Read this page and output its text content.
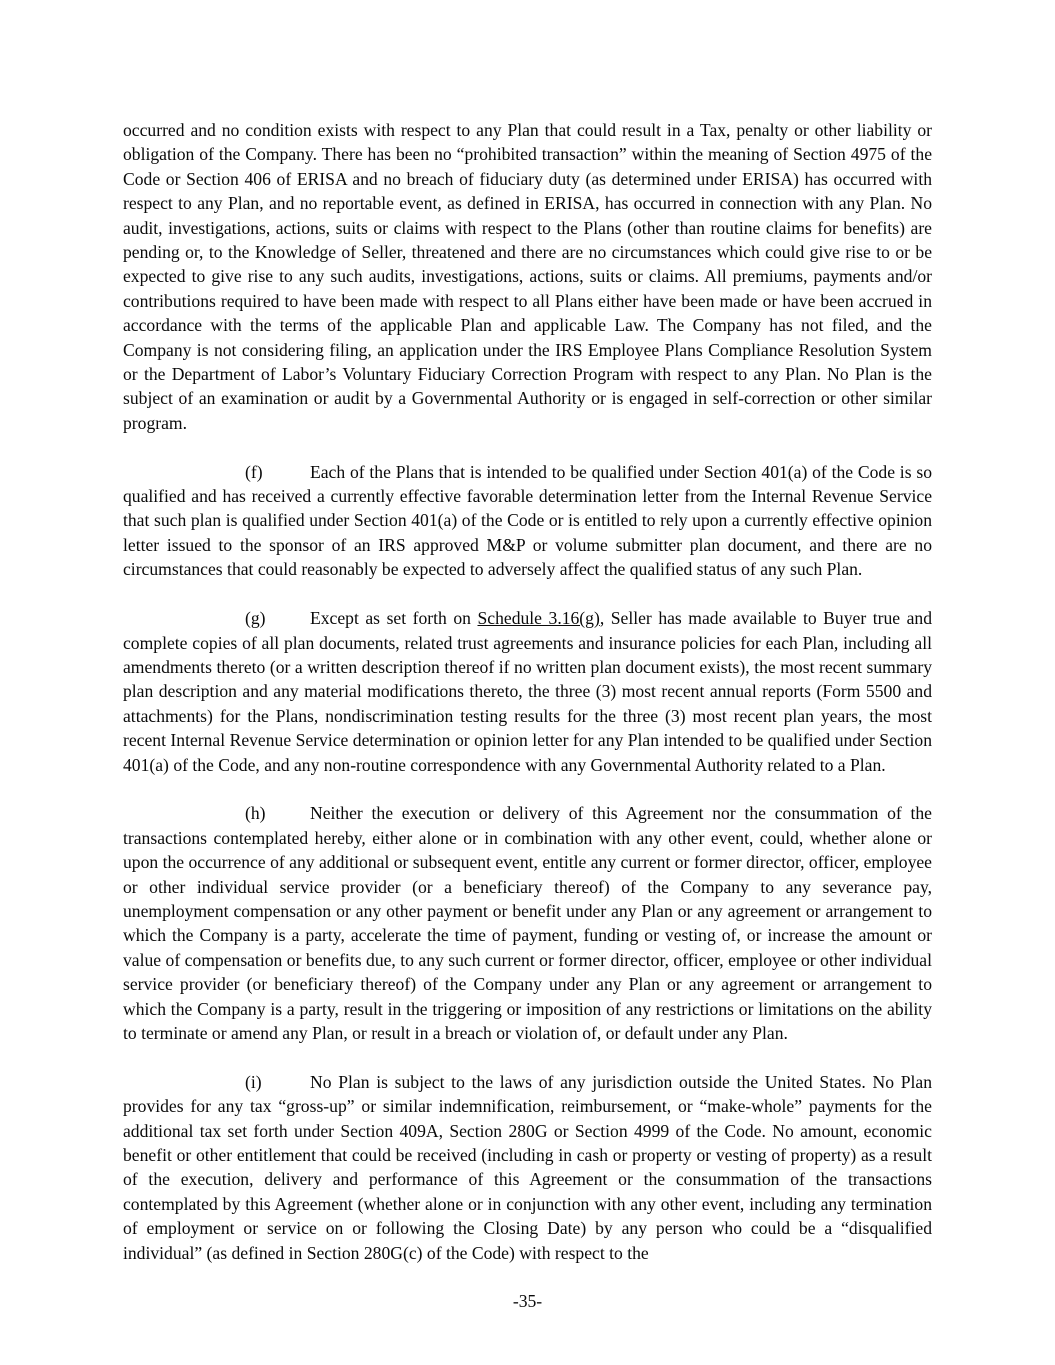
occurred and no condition exists with respect to any Plan that could result in a Tax, penalty or other liability or obligation of the Company. There has been no “prohibited transaction” within the meaning of Section 4975 of the Code or Section 406 of ERISA and no breach of fiduciary duty (as determined under ERISA) has occurred with respect to any Plan, and no reportable event, as defined in ERISA, has occurred in connection with any Plan. No audit, investigations, actions, suits or claims with respect to the Plans (other than routine claims for benefits) are pending or, to the Knowledge of Seller, threatened and there are no circumstances which could give rise to or be expected to give rise to any such audits, investigations, actions, suits or claims. All premiums, payments and/or contributions required to have been made with respect to all Plans either have been made or have been accrued in accordance with the terms of the applicable Plan and applicable Law. The Company has not filed, and the Company is not considering filing, an application under the IRS Employee Plans Compliance Resolution System or the Department of Labor’s Voluntary Fiduciary Correction Program with respect to any Plan. No Plan is the subject of an examination or audit by a Governmental Authority or is engaged in self-correction or other similar program.

(f)	Each of the Plans that is intended to be qualified under Section 401(a) of the Code is so qualified and has received a currently effective favorable determination letter from the Internal Revenue Service that such plan is qualified under Section 401(a) of the Code or is entitled to rely upon a currently effective opinion letter issued to the sponsor of an IRS approved M&P or volume submitter plan document, and there are no circumstances that could reasonably be expected to adversely affect the qualified status of any such Plan.

(g)	Except as set forth on Schedule 3.16(g), Seller has made available to Buyer true and complete copies of all plan documents, related trust agreements and insurance policies for each Plan, including all amendments thereto (or a written description thereof if no written plan document exists), the most recent summary plan description and any material modifications thereto, the three (3) most recent annual reports (Form 5500 and attachments) for the Plans, nondiscrimination testing results for the three (3) most recent plan years, the most recent Internal Revenue Service determination or opinion letter for any Plan intended to be qualified under Section 401(a) of the Code, and any non-routine correspondence with any Governmental Authority related to a Plan.

(h)	Neither the execution or delivery of this Agreement nor the consummation of the transactions contemplated hereby, either alone or in combination with any other event, could, whether alone or upon the occurrence of any additional or subsequent event, entitle any current or former director, officer, employee or other individual service provider (or a beneficiary thereof) of the Company to any severance pay, unemployment compensation or any other payment or benefit under any Plan or any agreement or arrangement to which the Company is a party, accelerate the time of payment, funding or vesting of, or increase the amount or value of compensation or benefits due, to any such current or former director, officer, employee or other individual service provider (or beneficiary thereof) of the Company under any Plan or any agreement or arrangement to which the Company is a party, result in the triggering or imposition of any restrictions or limitations on the ability to terminate or amend any Plan, or result in a breach or violation of, or default under any Plan.

(i)	No Plan is subject to the laws of any jurisdiction outside the United States. No Plan provides for any tax “gross-up” or similar indemnification, reimbursement, or “make-whole” payments for the additional tax set forth under Section 409A, Section 280G or Section 4999 of the Code. No amount, economic benefit or other entitlement that could be received (including in cash or property or vesting of property) as a result of the execution, delivery and performance of this Agreement or the consummation of the transactions contemplated by this Agreement (whether alone or in conjunction with any other event, including any termination of employment or service on or following the Closing Date) by any person who could be a “disqualified individual” (as defined in Section 280G(c) of the Code) with respect to the

-35-
